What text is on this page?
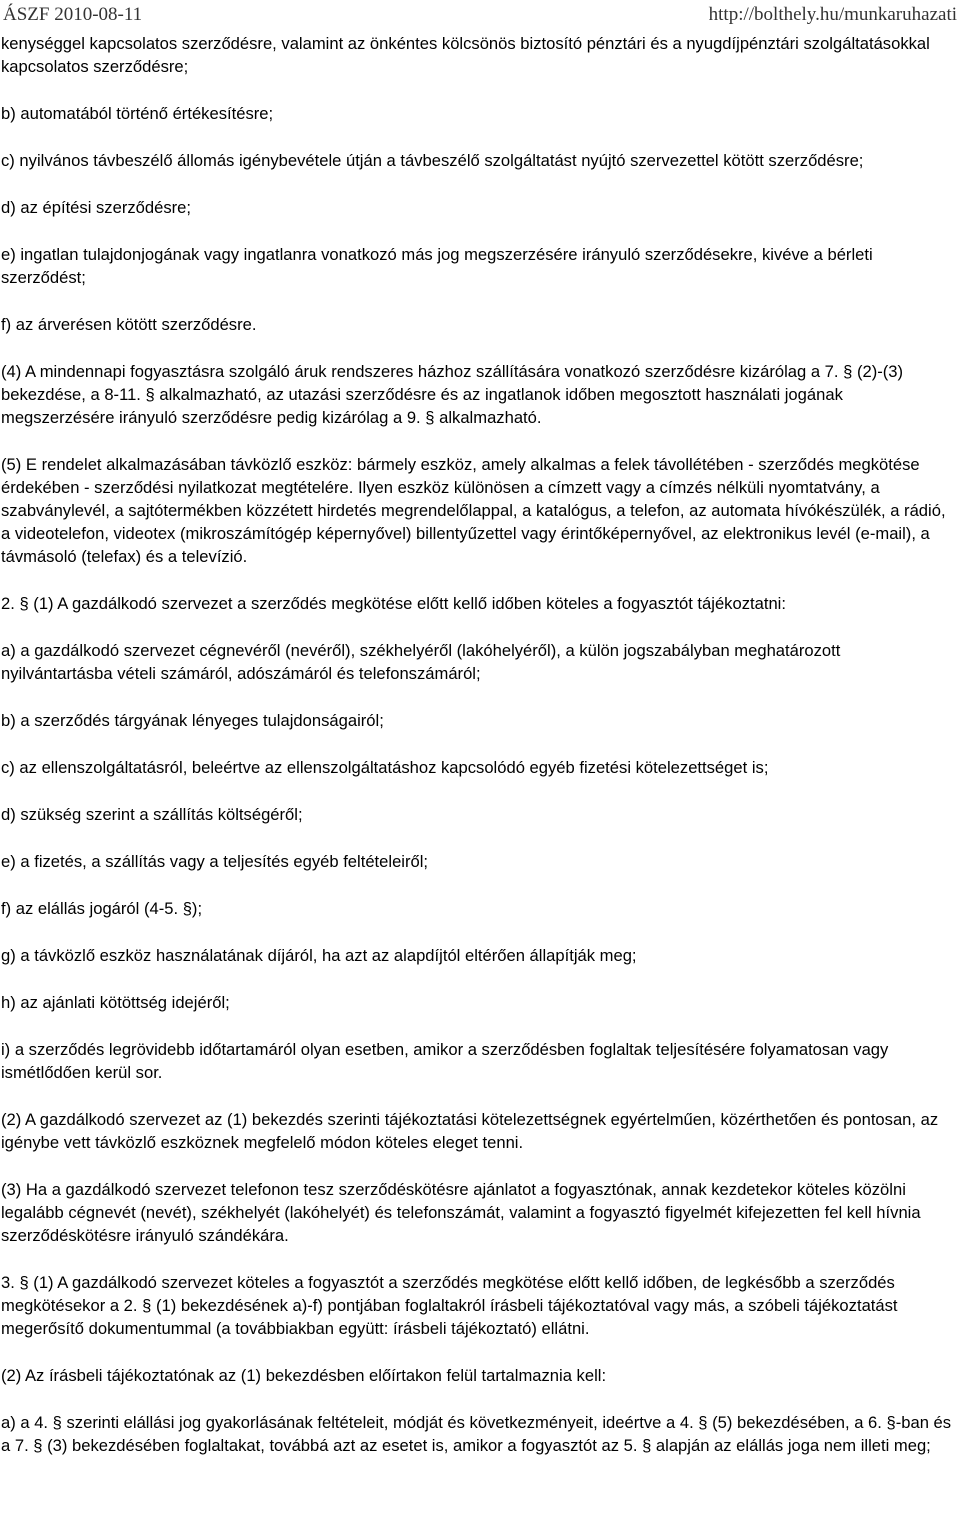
ÁSZF 2010-08-11	http://bolthely.hu/munkaruhazati

kenységgel kapcsolatos szerződésre, valamint az önkéntes kölcsönös biztosító pénztári és a nyugdíjpénztári szolgáltatásokkal kapcsolatos szerződésre;

b) automatából történő értékesítésre;

c) nyilvános távbeszélő állomás igénybevétele útján a távbeszélő szolgáltatást nyújtó szervezettel kötött szerződésre;

d) az építési szerződésre;

e) ingatlan tulajdonjogának vagy ingatlanra vonatkozó más jog megszerzésére irányuló szerződésekre, kivéve a bérleti szerződést;

f) az árverésen kötött szerződésre.

(4) A mindennapi fogyasztásra szolgáló áruk rendszeres házhoz szállítására vonatkozó szerződésre kizárólag a 7. § (2)-(3) bekezdése, a 8-11. § alkalmazható, az utazási szerződésre és az ingatlanok időben megosztott használati jogának megszerzésére irányuló szerződésre pedig kizárólag a 9. § alkalmazható.

(5) E rendelet alkalmazásában távközlő eszköz: bármely eszköz, amely alkalmas a felek távollétében - szerződés megkötése érdekében - szerződési nyilatkozat megtételére. Ilyen eszköz különösen a címzett vagy a címzés nélküli nyomtatvány, a szabványlevél, a sajtótermékben közzétett hirdetés megrendelőlappal, a katalógus, a telefon, az automata hívókészülék, a rádió, a videotelefon, videotex (mikroszámítógép képernyővel) billentyűzettel vagy érintőképernyővel, az elektronikus levél (e-mail), a távmásoló (telefax) és a televízió.

2. § (1) A gazdálkodó szervezet a szerződés megkötése előtt kellő időben köteles a fogyasztót tájékoztatni:

a) a gazdálkodó szervezet cégnevéről (nevéről), székhelyéről (lakóhelyéről), a külön jogszabályban meghatározott nyilvántartásba vételi számáról, adószámáról és telefonszámáról;

b) a szerződés tárgyának lényeges tulajdonságairól;

c) az ellenszolgáltatásról, beleértve az ellenszolgáltatáshoz kapcsolódó egyéb fizetési kötelezettséget is;

d) szükség szerint a szállítás költségéről;

e) a fizetés, a szállítás vagy a teljesítés egyéb feltételeiről;

f) az elállás jogáról (4-5. §);

g) a távközlő eszköz használatának díjáról, ha azt az alapdíjtól eltérően állapítják meg;

h) az ajánlati kötöttség idejéről;

i) a szerződés legrövidebb időtartamáról olyan esetben, amikor a szerződésben foglaltak teljesítésére folyamatosan vagy ismétlődően kerül sor.

(2) A gazdálkodó szervezet az (1) bekezdés szerinti tájékoztatási kötelezettségnek egyértelműen, közérthetően és pontosan, az igénybe vett távközlő eszköznek megfelelő módon köteles eleget tenni.

(3) Ha a gazdálkodó szervezet telefonon tesz szerződéskötésre ajánlatot a fogyasztónak, annak kezdetekor köteles közölni legalább cégnevét (nevét), székhelyét (lakóhelyét) és telefonszámát, valamint a fogyasztó figyelmét kifejezetten fel kell hívnia szerződéskötésre irányuló szándékára.

3. § (1) A gazdálkodó szervezet köteles a fogyasztót a szerződés megkötése előtt kellő időben, de legkésőbb a szerződés megkötésekor a 2. § (1) bekezdésének a)-f) pontjában foglaltakról írásbeli tájékoztatóval vagy más, a szóbeli tájékoztatást megerősítő dokumentummal (a továbbiakban együtt: írásbeli tájékoztató) ellátni.

(2) Az írásbeli tájékoztatónak az (1) bekezdésben előírtakon felül tartalmaznia kell:

a) a 4. § szerinti elállási jog gyakorlásának feltételeit, módját és következményeit, ideértve a 4. § (5) bekezdésében, a 6. §-ban és a 7. § (3) bekezdésében foglaltakat, továbbá azt az esetet is, amikor a fogyasztót az 5. § alapján az elállás joga nem illeti meg;
